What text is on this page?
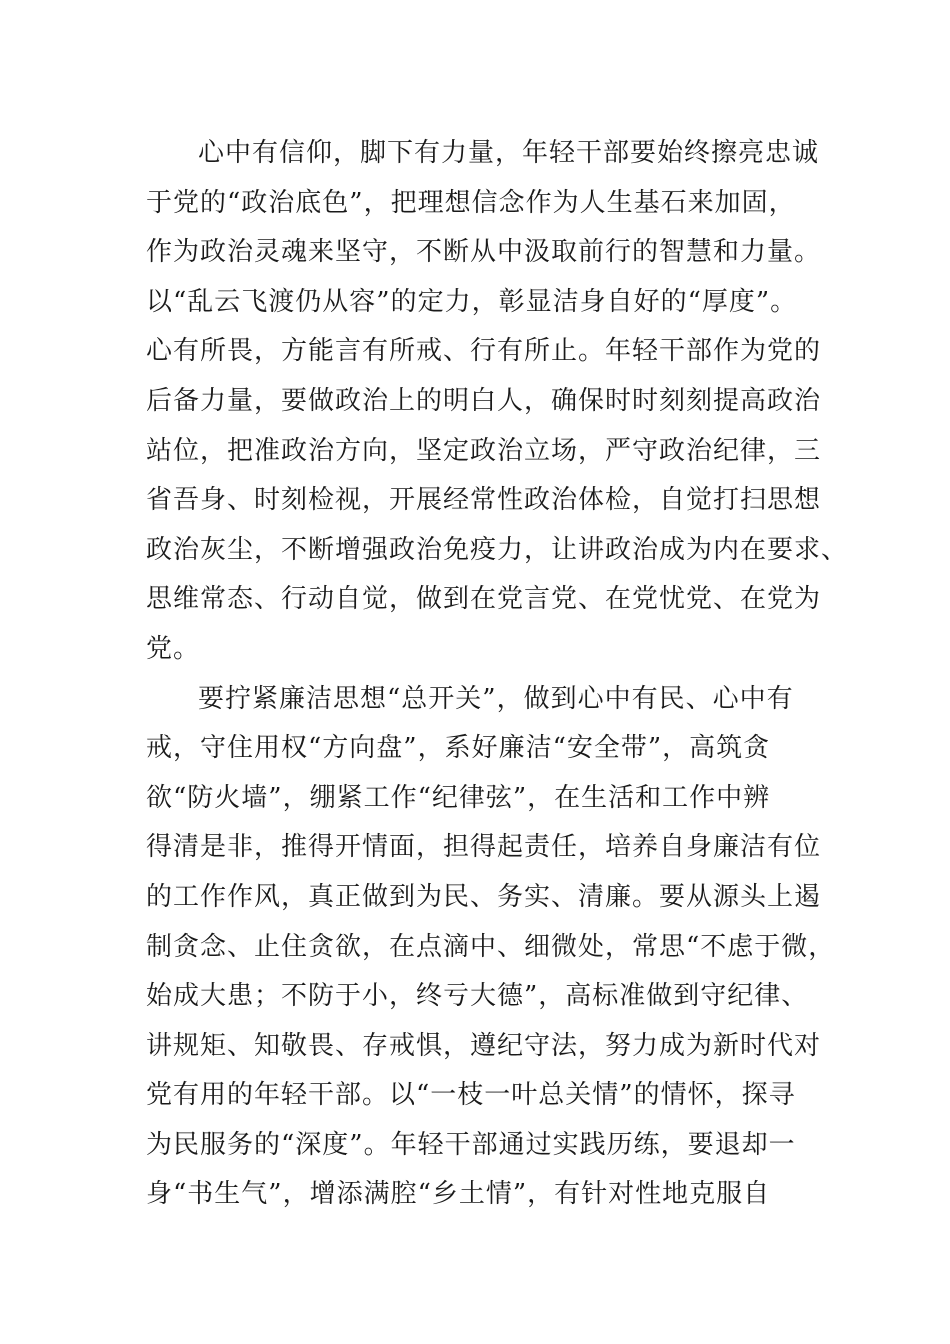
心中有信仰，脚下有力量，年轻干部要始终擦亮忠诚
于党的“政治底色”，把理想信念作为人生基石来加固，
作为政治灵魂来坚守，不断从中汲取前行的智慧和力量。
以“乱云飞渡仍从容”的定力，彰显洁身自好的“厚度”。
心有所畏，方能言有所戒、行有所止。年轻干部作为党的
后备力量，要做政治上的明白人，确保时时刻刻提高政治
站位，把准政治方向，坚定政治立场，严守政治纪律，三
省吾身、时刻检视，开展经常性政治体检，自觉打扫思想
政治灰尘，不断增强政治免疫力，让讲政治成为内在要求、
思维常态、行动自觉，做到在党言党、在党忧党、在党为
党。
要拧紧廉洁思想“总开关”，做到心中有民、心中有
戒，守住用权“方向盘”，系好廉洁“安全带”，高筑贪
欲“防火墙”，绷紧工作“纪律弦”，在生活和工作中辨
得清是非，推得开情面，担得起责任，培养自身廉洁有位
的工作作风，真正做到为民、务实、清廉。要从源头上遏
制贪念、止住贪欲，在点滴中、细微处，常思“不虑于微，
始成大患；不防于小，终亏大德”，高标准做到守纪律、
讲规矩、知敬畏、存戒惧，遵纪守法，努力成为新时代对
党有用的年轻干部。以“一枝一叶总关情”的情怀，探寻
为民服务的“深度”。年轻干部通过实践历练，要退却一
身“书生气”，增添满腔“乡土情”，有针对性地克服自
